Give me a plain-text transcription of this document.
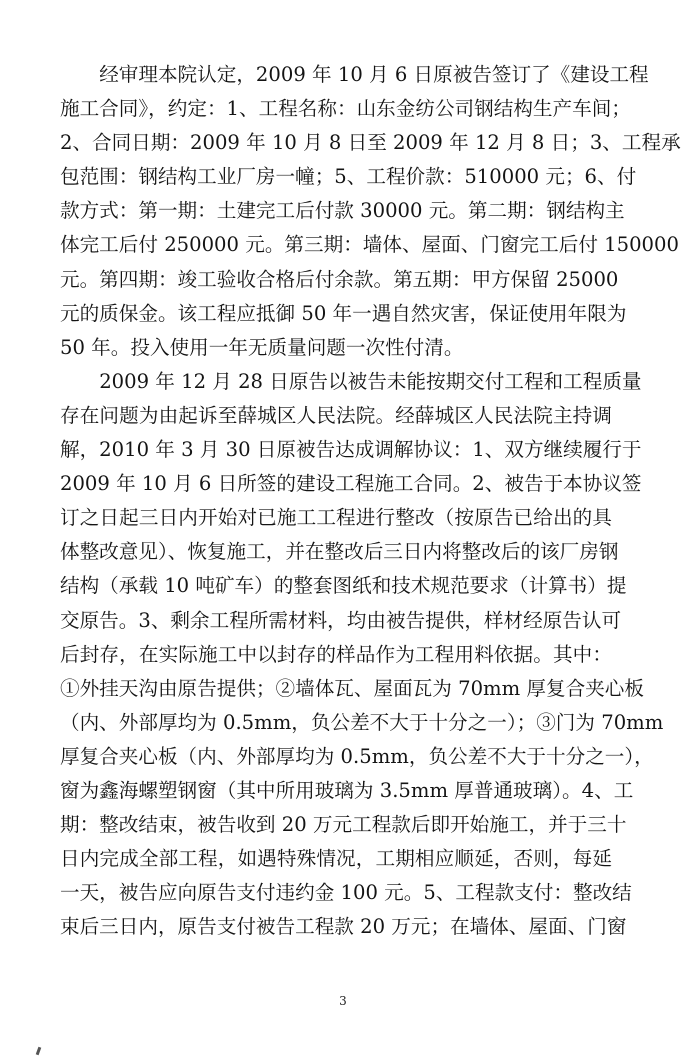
经审理本院认定，2009 年 10 月 6 日原被告签订了《建设工程
施工合同》，约定：1、工程名称：山东金纺公司钢结构生产车间；
2、合同日期：2009 年 10 月 8 日至 2009 年 12 月 8 日；3、工程承
包范围：钢结构工业厂房一幢；5、工程价款：510000 元；6、付
款方式：第一期：土建完工后付款 30000 元。第二期：钢结构主
体完工后付 250000 元。第三期：墙体、屋面、门窗完工后付 150000
元。第四期：竣工验收合格后付余款。第五期：甲方保留 25000
元的质保金。该工程应抵御 50 年一遇自然灾害，保证使用年限为
50 年。投入使用一年无质量问题一次性付清。
2009 年 12 月 28 日原告以被告未能按期交付工程和工程质量
存在问题为由起诉至薛城区人民法院。经薛城区人民法院主持调
解，2010 年 3 月 30 日原被告达成调解协议：1、双方继续履行于
2009 年 10 月 6 日所签的建设工程施工合同。2、被告于本协议签
订之日起三日内开始对已施工工程进行整改（按原告已给出的具
体整改意见）、恢复施工，并在整改后三日内将整改后的该厂房钢
结构（承载 10 吨矿车）的整套图纸和技术规范要求（计算书）提
交原告。3、剩余工程所需材料，均由被告提供，样材经原告认可
后封存，在实际施工中以封存的样品作为工程用料依据。其中：
①外挂天沟由原告提供；②墙体瓦、屋面瓦为 70mm 厚复合夹心板
（内、外部厚均为 0.5mm，负公差不大于十分之一）；③门为 70mm
厚复合夹心板（内、外部厚均为 0.5mm，负公差不大于十分之一），
窗为鑫海螺塑钢窗（其中所用玻璃为 3.5mm 厚普通玻璃）。4、工
期：整改结束，被告收到 20 万元工程款后即开始施工，并于三十
日内完成全部工程，如遇特殊情况，工期相应顺延，否则，每延
一天，被告应向原告支付违约金 100 元。5、工程款支付：整改结
束后三日内，原告支付被告工程款 20 万元；在墙体、屋面、门窗
3
